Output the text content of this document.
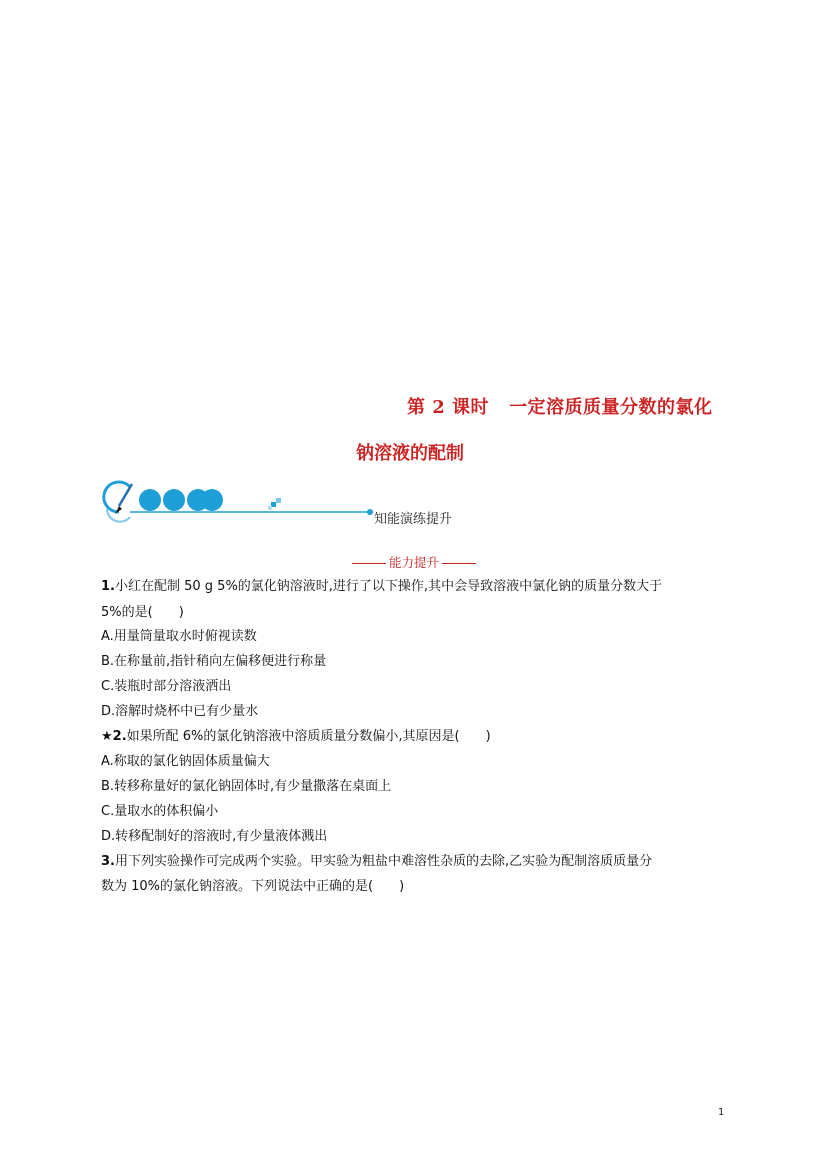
第 2 课时 一定溶质质量分数的氯化
钠溶液的配制
知能演练提升
能力提升
1.小红在配制 50 g 5%的氯化钠溶液时,进行了以下操作,其中会导致溶液中氯化钠的质量分数大于
5%的是(　　)
A.用量筒量取水时俯视读数
B.在称量前,指针稍向左偏移便进行称量
C.装瓶时部分溶液洒出
D.溶解时烧杯中已有少量水
★2.如果所配 6%的氯化钠溶液中溶质质量分数偏小,其原因是(　　)
A.称取的氯化钠固体质量偏大
B.转移称量好的氯化钠固体时,有少量撒落在桌面上
C.量取水的体积偏小
D.转移配制好的溶液时,有少量液体溅出
3.用下列实验操作可完成两个实验。甲实验为粗盐中难溶性杂质的去除,乙实验为配制溶质质量分
数为 10%的氯化钠溶液。下列说法中正确的是(　　)
1
